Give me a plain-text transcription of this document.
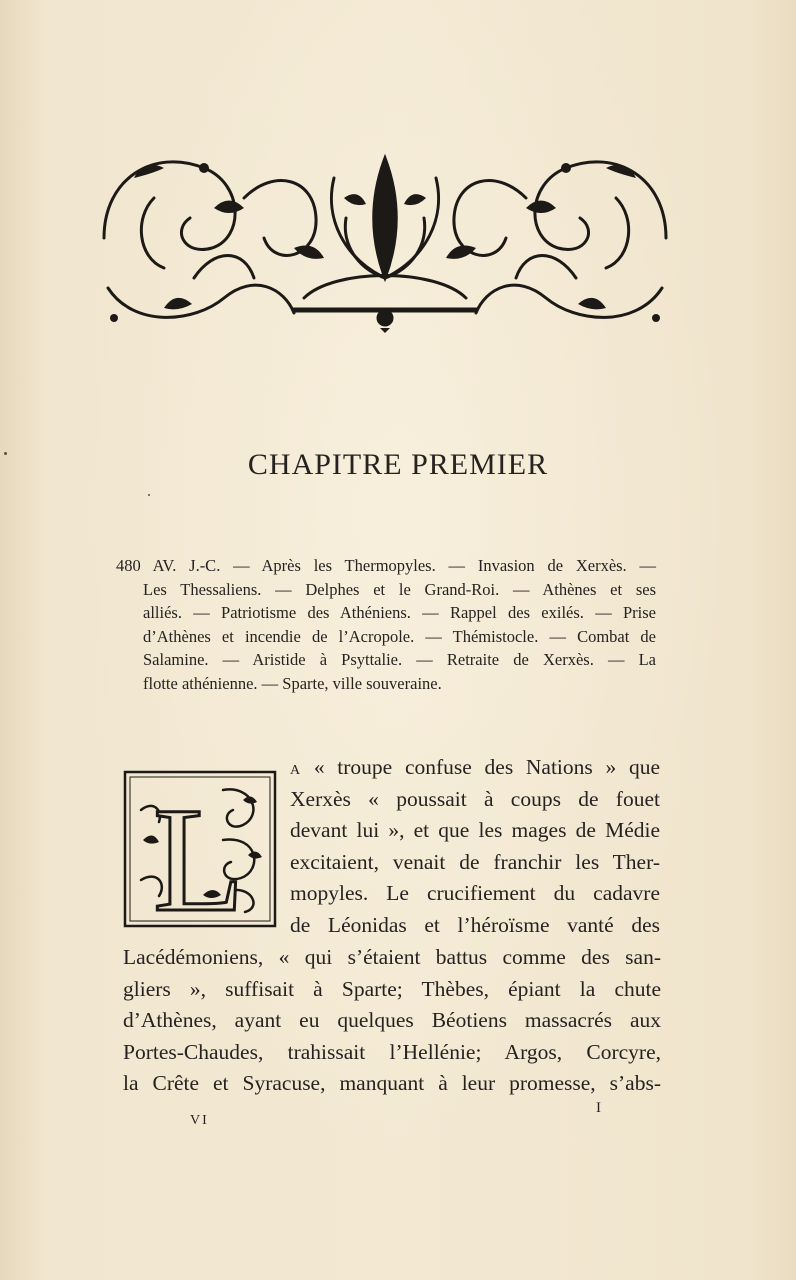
CHAPITRE PREMIER
480 AV. J.-C. — Après les Thermopyles. — Invasion de Xerxès. —
Les Thessaliens. — Delphes et le Grand-Roi. — Athènes et ses
alliés. — Patriotisme des Athéniens. — Rappel des exilés. — Prise
d’Athènes et incendie de l’Acropole. — Thémistocle. — Combat de
Salamine. — Aristide à Psyttalie. — Retraite de Xerxès. — La
flotte athénienne. — Sparte, ville souveraine.
L
A « troupe confuse des Nations » que
Xerxès « poussait à coups de fouet
devant lui », et que les mages de Médie
excitaient, venait de franchir les Ther-
mopyles. Le crucifiement du cadavre
de Léonidas et l’héroïsme vanté des
Lacédémoniens, « qui s’étaient battus comme des san-
gliers », suffisait à Sparte; Thèbes, épiant la chute
d’Athènes, ayant eu quelques Béotiens massacrés aux
Portes-Chaudes, trahissait l’Hellénie; Argos, Corcyre,
la Crête et Syracuse, manquant à leur promesse, s’abs-
VI
I
